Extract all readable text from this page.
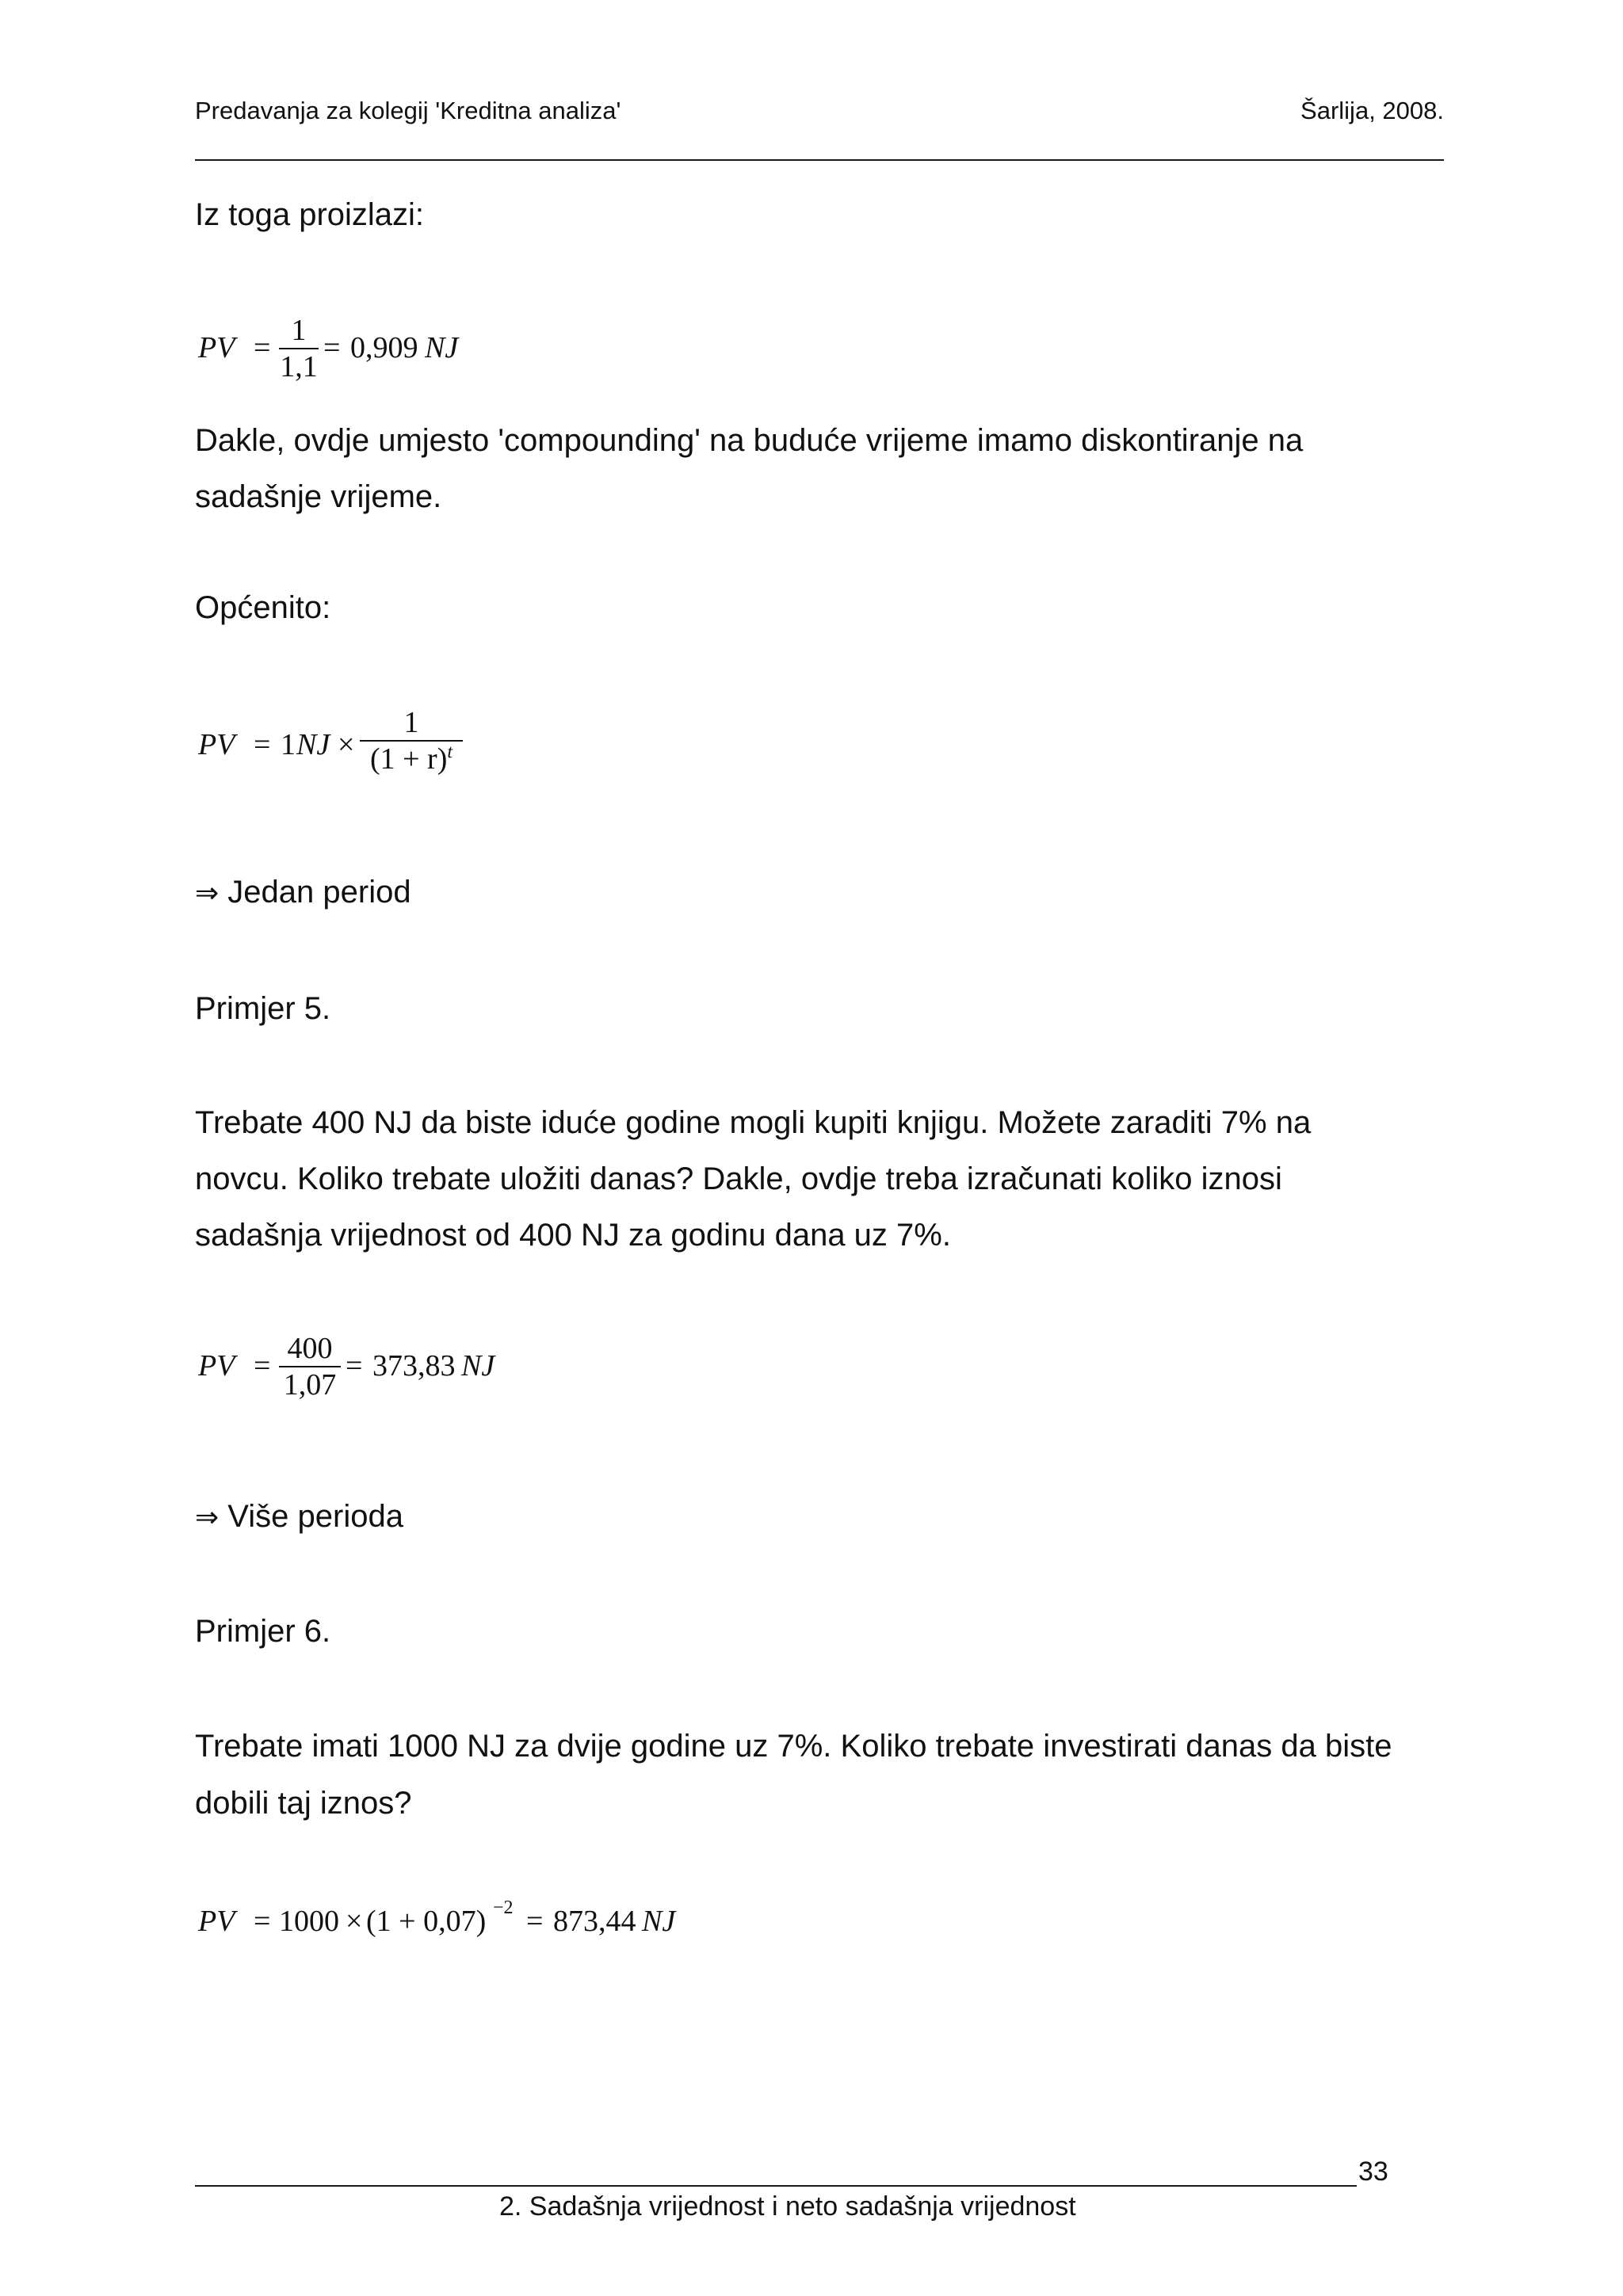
Predavanja za kolegij 'Kreditna analiza'	Šarlija, 2008.
Iz toga proizlazi:
PV =
1
1,1
= 0,909 NJ
Dakle, ovdje umjesto 'compounding' na buduće vrijeme imamo diskontiranje na
sadašnje vrijeme.
Općenito:
PV = 1 NJ ×
1
$(1 + r)^t$
⇒ Jedan period
Primjer 5.
Trebate 400 NJ da biste iduće godine mogli kupiti knjigu. Možete zaraditi 7% na
novcu. Koliko trebate uložiti danas? Dakle, ovdje treba izračunati koliko iznosi
sadašnja vrijednost od 400 NJ za godinu dana uz 7%.
PV =
400
1,07
= 373,83 NJ
⇒ Više perioda
Primjer 6.
Trebate imati 1000 NJ za dvije godine uz 7%. Koliko trebate investirati danas da biste
dobili taj iznos?
PV = 1000 × (1 + 0,07) −2 = 873,44 NJ
33
2. Sadašnja vrijednost i neto sadašnja vrijednost
